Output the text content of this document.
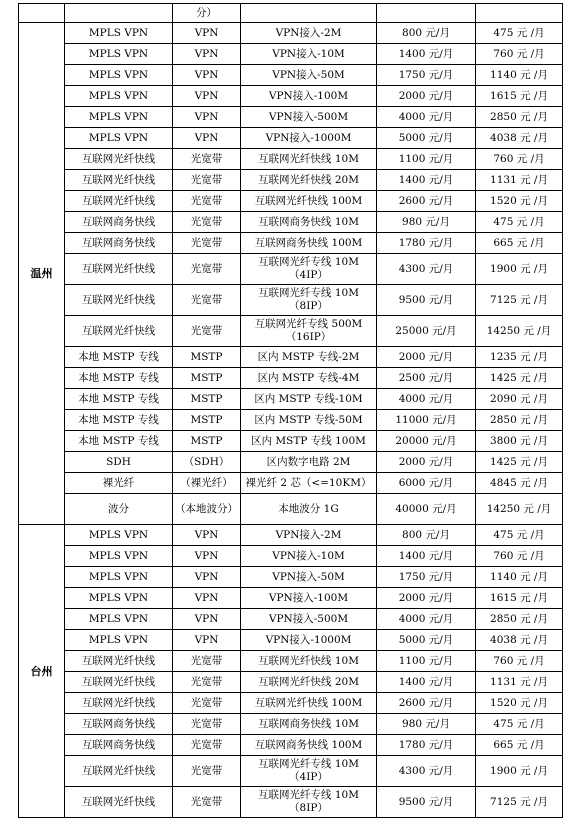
		分）			
温州	MPLS VPN	VPN	VPN接入-2M	800 元/月	475 元 /月
	MPLS VPN	VPN	VPN接入-10M	1400 元/月	760 元 /月
	MPLS VPN	VPN	VPN接入-50M	1750 元/月	1140 元 /月
	MPLS VPN	VPN	VPN接入-100M	2000 元/月	1615 元 /月
	MPLS VPN	VPN	VPN接入-500M	4000 元/月	2850 元 /月
	MPLS VPN	VPN	VPN接入-1000M	5000 元/月	4038 元 /月
	互联网光纤快线	光宽带	互联网光纤快线 10M	1100 元/月	760 元 /月
	互联网光纤快线	光宽带	互联网光纤快线 20M	1400 元/月	1131 元 /月
	互联网光纤快线	光宽带	互联网光纤快线 100M	2600 元/月	1520 元 /月
	互联网商务快线	光宽带	互联网商务快线 10M	980 元/月	475 元 /月
	互联网商务快线	光宽带	互联网商务快线 100M	1780 元/月	665 元 /月
	互联网光纤快线	光宽带	互联网光纤专线 10M（4IP）	4300 元/月	1900 元 /月
	互联网光纤快线	光宽带	互联网光纤专线 10M（8IP）	9500 元/月	7125 元 /月
	互联网光纤快线	光宽带	互联网光纤专线 500M（16IP）	25000 元/月	14250 元 /月
	本地 MSTP 专线	MSTP	区内 MSTP 专线-2M	2000 元/月	1235 元 /月
	本地 MSTP 专线	MSTP	区内 MSTP 专线-4M	2500 元/月	1425 元 /月
	本地 MSTP 专线	MSTP	区内 MSTP 专线-10M	4000 元/月	2090 元 /月
	本地 MSTP 专线	MSTP	区内 MSTP 专线-50M	11000 元/月	2850 元 /月
	本地 MSTP 专线	MSTP	区内 MSTP 专线 100M	20000 元/月	3800 元 /月
	SDH	（SDH）	区内数字电路 2M	2000 元/月	1425 元 /月
	裸光纤	（裸光纤）	裸光纤 2 芯（<=10KM）	6000 元/月	4845 元 /月
	波分	（本地波分）	本地波分 1G	40000 元/月	14250 元 /月
台州	MPLS VPN	VPN	VPN接入-2M	800 元/月	475 元 /月
	MPLS VPN	VPN	VPN接入-10M	1400 元/月	760 元 /月
	MPLS VPN	VPN	VPN接入-50M	1750 元/月	1140 元 /月
	MPLS VPN	VPN	VPN接入-100M	2000 元/月	1615 元 /月
	MPLS VPN	VPN	VPN接入-500M	4000 元/月	2850 元 /月
	MPLS VPN	VPN	VPN接入-1000M	5000 元/月	4038 元 /月
	互联网光纤快线	光宽带	互联网光纤快线 10M	1100 元/月	760 元 /月
	互联网光纤快线	光宽带	互联网光纤快线 20M	1400 元/月	1131 元 /月
	互联网光纤快线	光宽带	互联网光纤快线 100M	2600 元/月	1520 元 /月
	互联网商务快线	光宽带	互联网商务快线 10M	980 元/月	475 元 /月
	互联网商务快线	光宽带	互联网商务快线 100M	1780 元/月	665 元 /月
	互联网光纤快线	光宽带	互联网光纤专线 10M（4IP）	4300 元/月	1900 元 /月
	互联网光纤快线	光宽带	互联网光纤专线 10M（8IP）	9500 元/月	7125 元 /月
